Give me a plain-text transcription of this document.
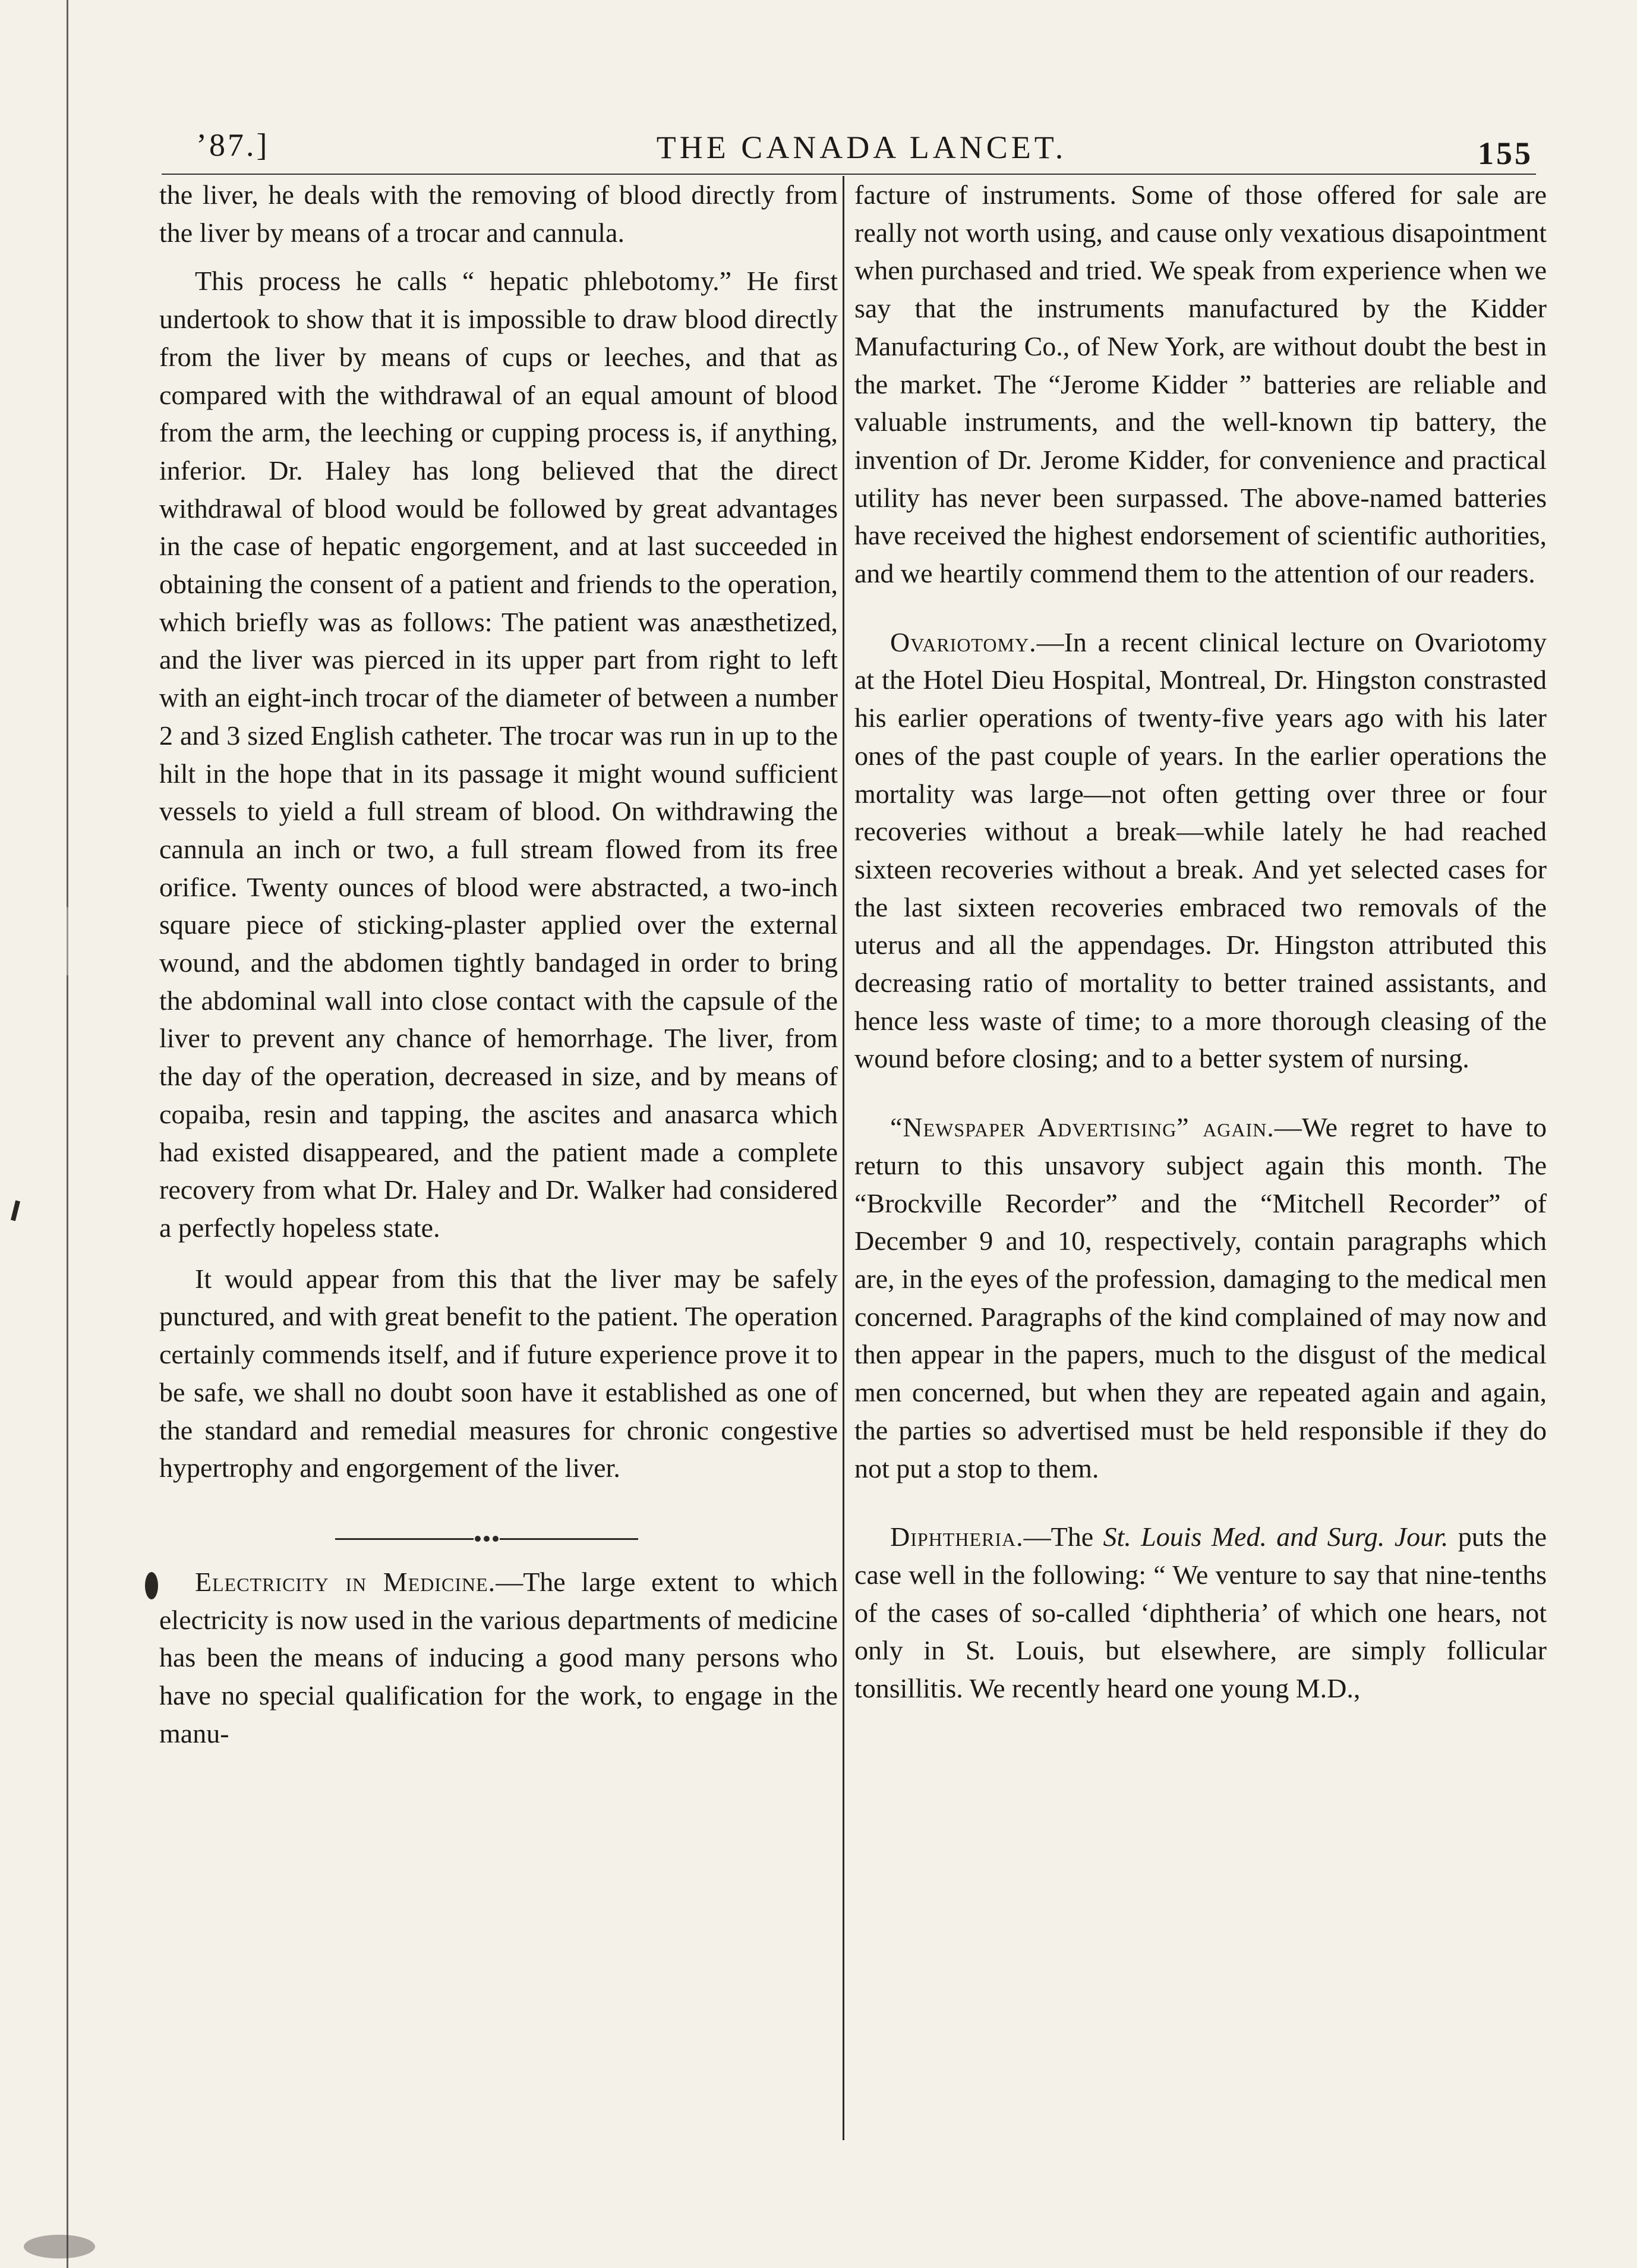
’87.]	THE CANADA LANCET.	155

the liver, he deals with the removing of blood directly from the liver by means of a trocar and cannula.

This process he calls “ hepatic phlebotomy.” He first undertook to show that it is impossible to draw blood directly from the liver by means of cups or leeches, and that as compared with the withdrawal of an equal amount of blood from the arm, the leeching or cupping process is, if anything, inferior. Dr. Haley has long believed that the direct withdrawal of blood would be followed by great advantages in the case of hepatic engorgement, and at last succeeded in obtaining the consent of a patient and friends to the operation, which briefly was as follows: The patient was anæsthetized, and the liver was pierced in its upper part from right to left with an eight-inch trocar of the diameter of between a number 2 and 3 sized English catheter. The trocar was run in up to the hilt in the hope that in its passage it might wound sufficient vessels to yield a full stream of blood. On withdrawing the cannula an inch or two, a full stream flowed from its free orifice. Twenty ounces of blood were abstracted, a two-inch square piece of sticking-plaster applied over the external wound, and the abdomen tightly bandaged in order to bring the abdominal wall into close contact with the capsule of the liver to prevent any chance of hemorrhage. The liver, from the day of the operation, decreased in size, and by means of copaiba, resin and tapping, the ascites and anasarca which had existed disappeared, and the patient made a complete recovery from what Dr. Haley and Dr. Walker had considered a perfectly hopeless state.

It would appear from this that the liver may be safely punctured, and with great benefit to the patient. The operation certainly commends itself, and if future experience prove it to be safe, we shall no doubt soon have it established as one of the standard and remedial measures for chronic congestive hypertrophy and engorgement of the liver.

Electricity in Medicine.—The large extent to which electricity is now used in the various departments of medicine has been the means of inducing a good many persons who have no special qualification for the work, to engage in the manu-

facture of instruments. Some of those offered for sale are really not worth using, and cause only vexatious disapointment when purchased and tried. We speak from experience when we say that the instruments manufactured by the Kidder Manufacturing Co., of New York, are without doubt the best in the market. The “Jerome Kidder ” batteries are reliable and valuable instruments, and the well-known tip battery, the invention of Dr. Jerome Kidder, for convenience and practical utility has never been surpassed. The above-named batteries have received the highest endorsement of scientific authorities, and we heartily commend them to the attention of our readers.

Ovariotomy.—In a recent clinical lecture on Ovariotomy at the Hotel Dieu Hospital, Montreal, Dr. Hingston constrasted his earlier operations of twenty-five years ago with his later ones of the past couple of years. In the earlier operations the mortality was large—not often getting over three or four recoveries without a break—while lately he had reached sixteen recoveries without a break. And yet selected cases for the last sixteen recoveries embraced two removals of the uterus and all the appendages. Dr. Hingston attributed this decreasing ratio of mortality to better trained assistants, and hence less waste of time; to a more thorough cleasing of the wound before closing; and to a better system of nursing.

“Newspaper Advertising” again.—We regret to have to return to this unsavory subject again this month. The “Brockville Recorder” and the “Mitchell Recorder” of December 9 and 10, respectively, contain paragraphs which are, in the eyes of the profession, damaging to the medical men concerned. Paragraphs of the kind complained of may now and then appear in the papers, much to the disgust of the medical men concerned, but when they are repeated again and again, the parties so advertised must be held responsible if they do not put a stop to them.

Diphtheria.—The St. Louis Med. and Surg. Jour. puts the case well in the following: “ We venture to say that nine-tenths of the cases of so-called ‘diphtheria’ of which one hears, not only in St. Louis, but elsewhere, are simply follicular tonsillitis. We recently heard one young M.D.,
